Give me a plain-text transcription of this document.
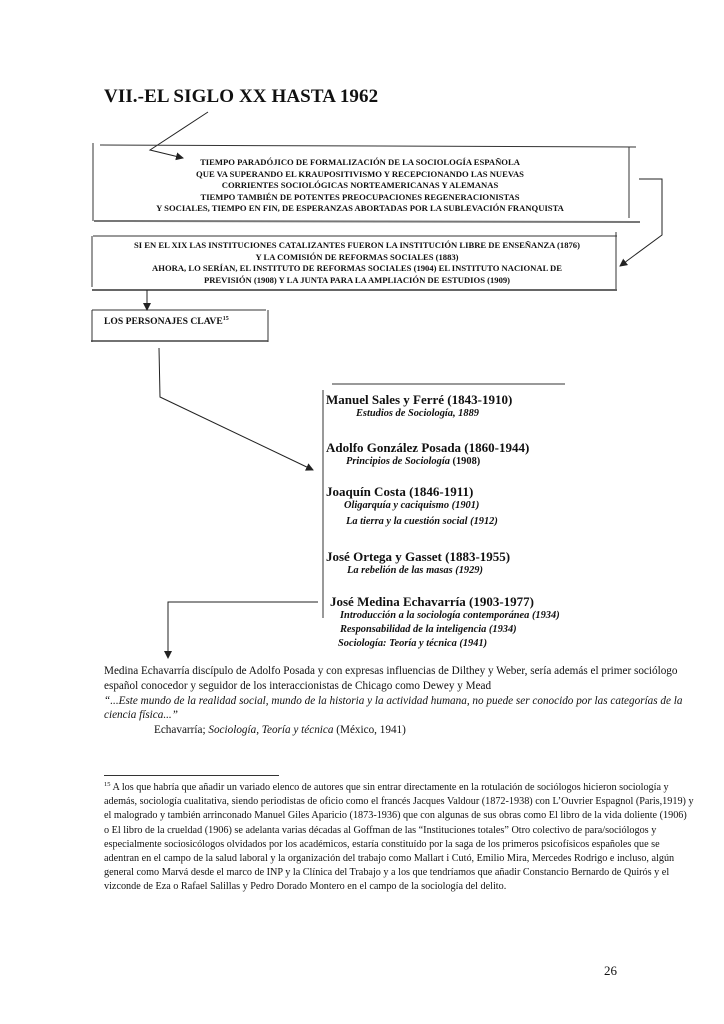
VII.-EL SIGLO XX HASTA 1962
TIEMPO PARADÓJICO DE FORMALIZACIÓN DE LA SOCIOLOGÍA ESPAÑOLA
QUE VA SUPERANDO EL KRAUPOSITIVISMO Y RECEPCIONANDO LAS NUEVAS
CORRIENTES SOCIOLÓGICAS NORTEAMERICANAS Y ALEMANAS
TIEMPO TAMBIÉN DE POTENTES PREOCUPACIONES REGENERACIONISTAS
Y SOCIALES, TIEMPO EN FIN, DE ESPERANZAS ABORTADAS POR LA SUBLEVACIÓN FRANQUISTA
SI EN EL XIX LAS INSTITUCIONES CATALIZANTES FUERON LA INSTITUCIÓN LIBRE DE ENSEÑANZA (1876)
Y LA COMISIÓN DE REFORMAS SOCIALES (1883)
AHORA, LO SERÍAN, EL INSTITUTO DE REFORMAS SOCIALES (1904) EL INSTITUTO NACIONAL DE
PREVISIÓN (1908) Y LA JUNTA PARA LA AMPLIACIÓN DE ESTUDIOS (1909)
LOS PERSONAJES CLAVE$^{15}$
Manuel Sales y Ferré (1843-1910)
Estudios de Sociología, 1889
Adolfo González Posada (1860-1944)
Principios de Sociología (1908)
Joaquín Costa (1846-1911)
Oligarquía y caciquismo (1901)
La tierra y la cuestión social (1912)
José Ortega y Gasset (1883-1955)
La rebelión de las masas (1929)
José Medina Echavarría (1903-1977)
Introducción a la sociología contemporánea (1934)
Responsabilidad de la inteligencia (1934)
Sociología: Teoría y técnica (1941)

Medina Echavarría discípulo de Adolfo Posada y con expresas influencias de Dilthey y Weber, sería además el primer sociólogo español conocedor y seguidor de los interaccionistas de Chicago como Dewey y Mead

“...Este mundo de la realidad social, mundo de la historia y la actividad humana, no puede ser conocido por las categorías de la ciencia física...”

Echavarría; Sociología, Teoría y técnica (México, 1941)

$^{15}$ A los que habría que añadir un variado elenco de autores que sin entrar directamente en la rotulación de sociólogos hicieron sociología y además, sociología cualitativa, siendo periodistas de oficio como el francés Jacques Valdour (1872-1938) con L’Ouvrier Espagnol (Paris,1919) y el malogrado y también arrinconado Manuel Giles Aparicio (1873-1936) que con algunas de sus obras como El libro de la vida doliente (1906) o El libro de la crueldad (1906) se adelanta varias décadas al Goffman de las “Instituciones totales” Otro colectivo de para/sociólogos y especialmente sociosicólogos olvidados por los académicos, estaría constituído por la saga de los primeros psicofísicos españoles que se adentran en el campo de la salud laboral y la organización del trabajo como Mallart i Cutó, Emilio Mira, Mercedes Rodrigo e incluso, algún general como Marvá desde el marco de INP y la Clínica del Trabajo y a los que tendríamos que añadir Constancio Bernardo de Quirós y el vizconde de Eza o Rafael Salillas y Pedro Dorado Montero en el campo de la sociología del delito.
26
